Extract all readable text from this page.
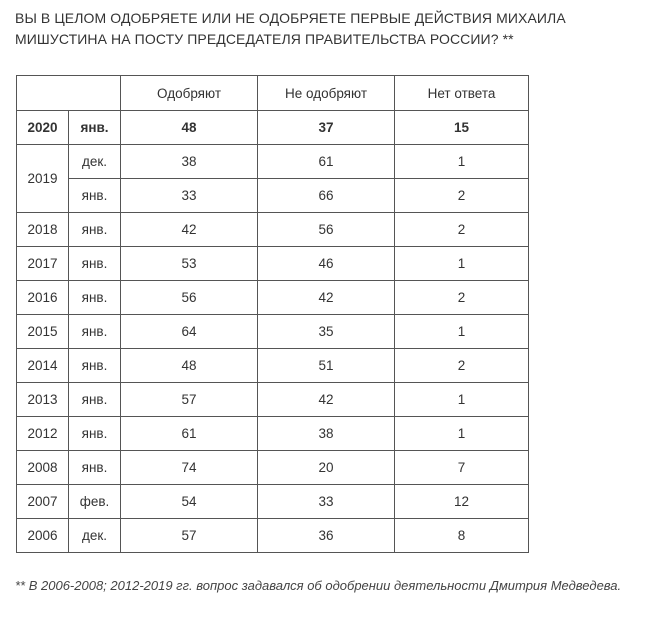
ВЫ В ЦЕЛОМ ОДОБРЯЕТЕ ИЛИ НЕ ОДОБРЯЕТЕ ПЕРВЫЕ ДЕЙСТВИЯ МИХАИЛА МИШУСТИНА НА ПОСТУ ПРЕДСЕДАТЕЛЯ ПРАВИТЕЛЬСТВА РОССИИ? **
		Одобряют	Не одобряют	Нет ответа
2020	янв.	48	37	15
2019	дек.	38	61	1
	янв.	33	66	2
2018	янв.	42	56	2
2017	янв.	53	46	1
2016	янв.	56	42	2
2015	янв.	64	35	1
2014	янв.	48	51	2
2013	янв.	57	42	1
2012	янв.	61	38	1
2008	янв.	74	20	7
2007	фев.	54	33	12
2006	дек.	57	36	8
** В 2006-2008; 2012-2019 гг. вопрос задавался об одобрении деятельности Дмитрия Медведева.
